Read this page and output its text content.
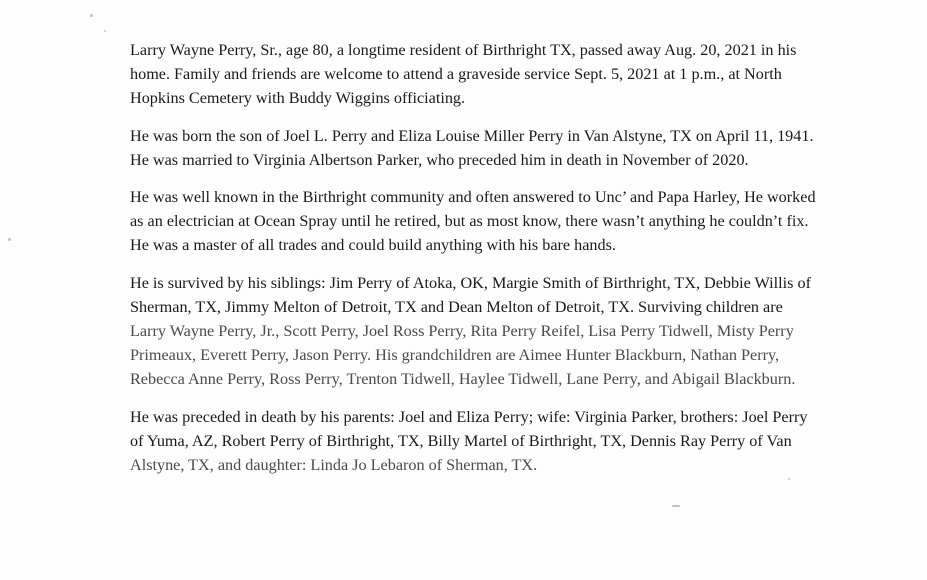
Larry Wayne Perry, Sr., age 80, a longtime resident of Birthright TX, passed away Aug. 20, 2021 in his home. Family and friends are welcome to attend a graveside service Sept. 5, 2021 at 1 p.m., at North Hopkins Cemetery with Buddy Wiggins officiating.

He was born the son of Joel L. Perry and Eliza Louise Miller Perry in Van Alstyne, TX on April 11, 1941. He was married to Virginia Albertson Parker, who preceded him in death in November of 2020.

He was well known in the Birthright community and often answered to Unc’ and Papa Harley, He worked as an electrician at Ocean Spray until he retired, but as most know, there wasn’t anything he couldn’t fix. He was a master of all trades and could build anything with his bare hands.

He is survived by his siblings: Jim Perry of Atoka, OK, Margie Smith of Birthright, TX, Debbie Willis of Sherman, TX, Jimmy Melton of Detroit, TX and Dean Melton of Detroit, TX. Surviving children are Larry Wayne Perry, Jr., Scott Perry, Joel Ross Perry, Rita Perry Reifel, Lisa Perry Tidwell, Misty Perry Primeaux, Everett Perry, Jason Perry. His grandchildren are Aimee Hunter Blackburn, Nathan Perry, Rebecca Anne Perry, Ross Perry, Trenton Tidwell, Haylee Tidwell, Lane Perry, and Abigail Blackburn.

He was preceded in death by his parents: Joel and Eliza Perry; wife: Virginia Parker, brothers: Joel Perry of Yuma, AZ, Robert Perry of Birthright, TX, Billy Martel of Birthright, TX, Dennis Ray Perry of Van Alstyne, TX, and daughter: Linda Jo Lebaron of Sherman, TX.
